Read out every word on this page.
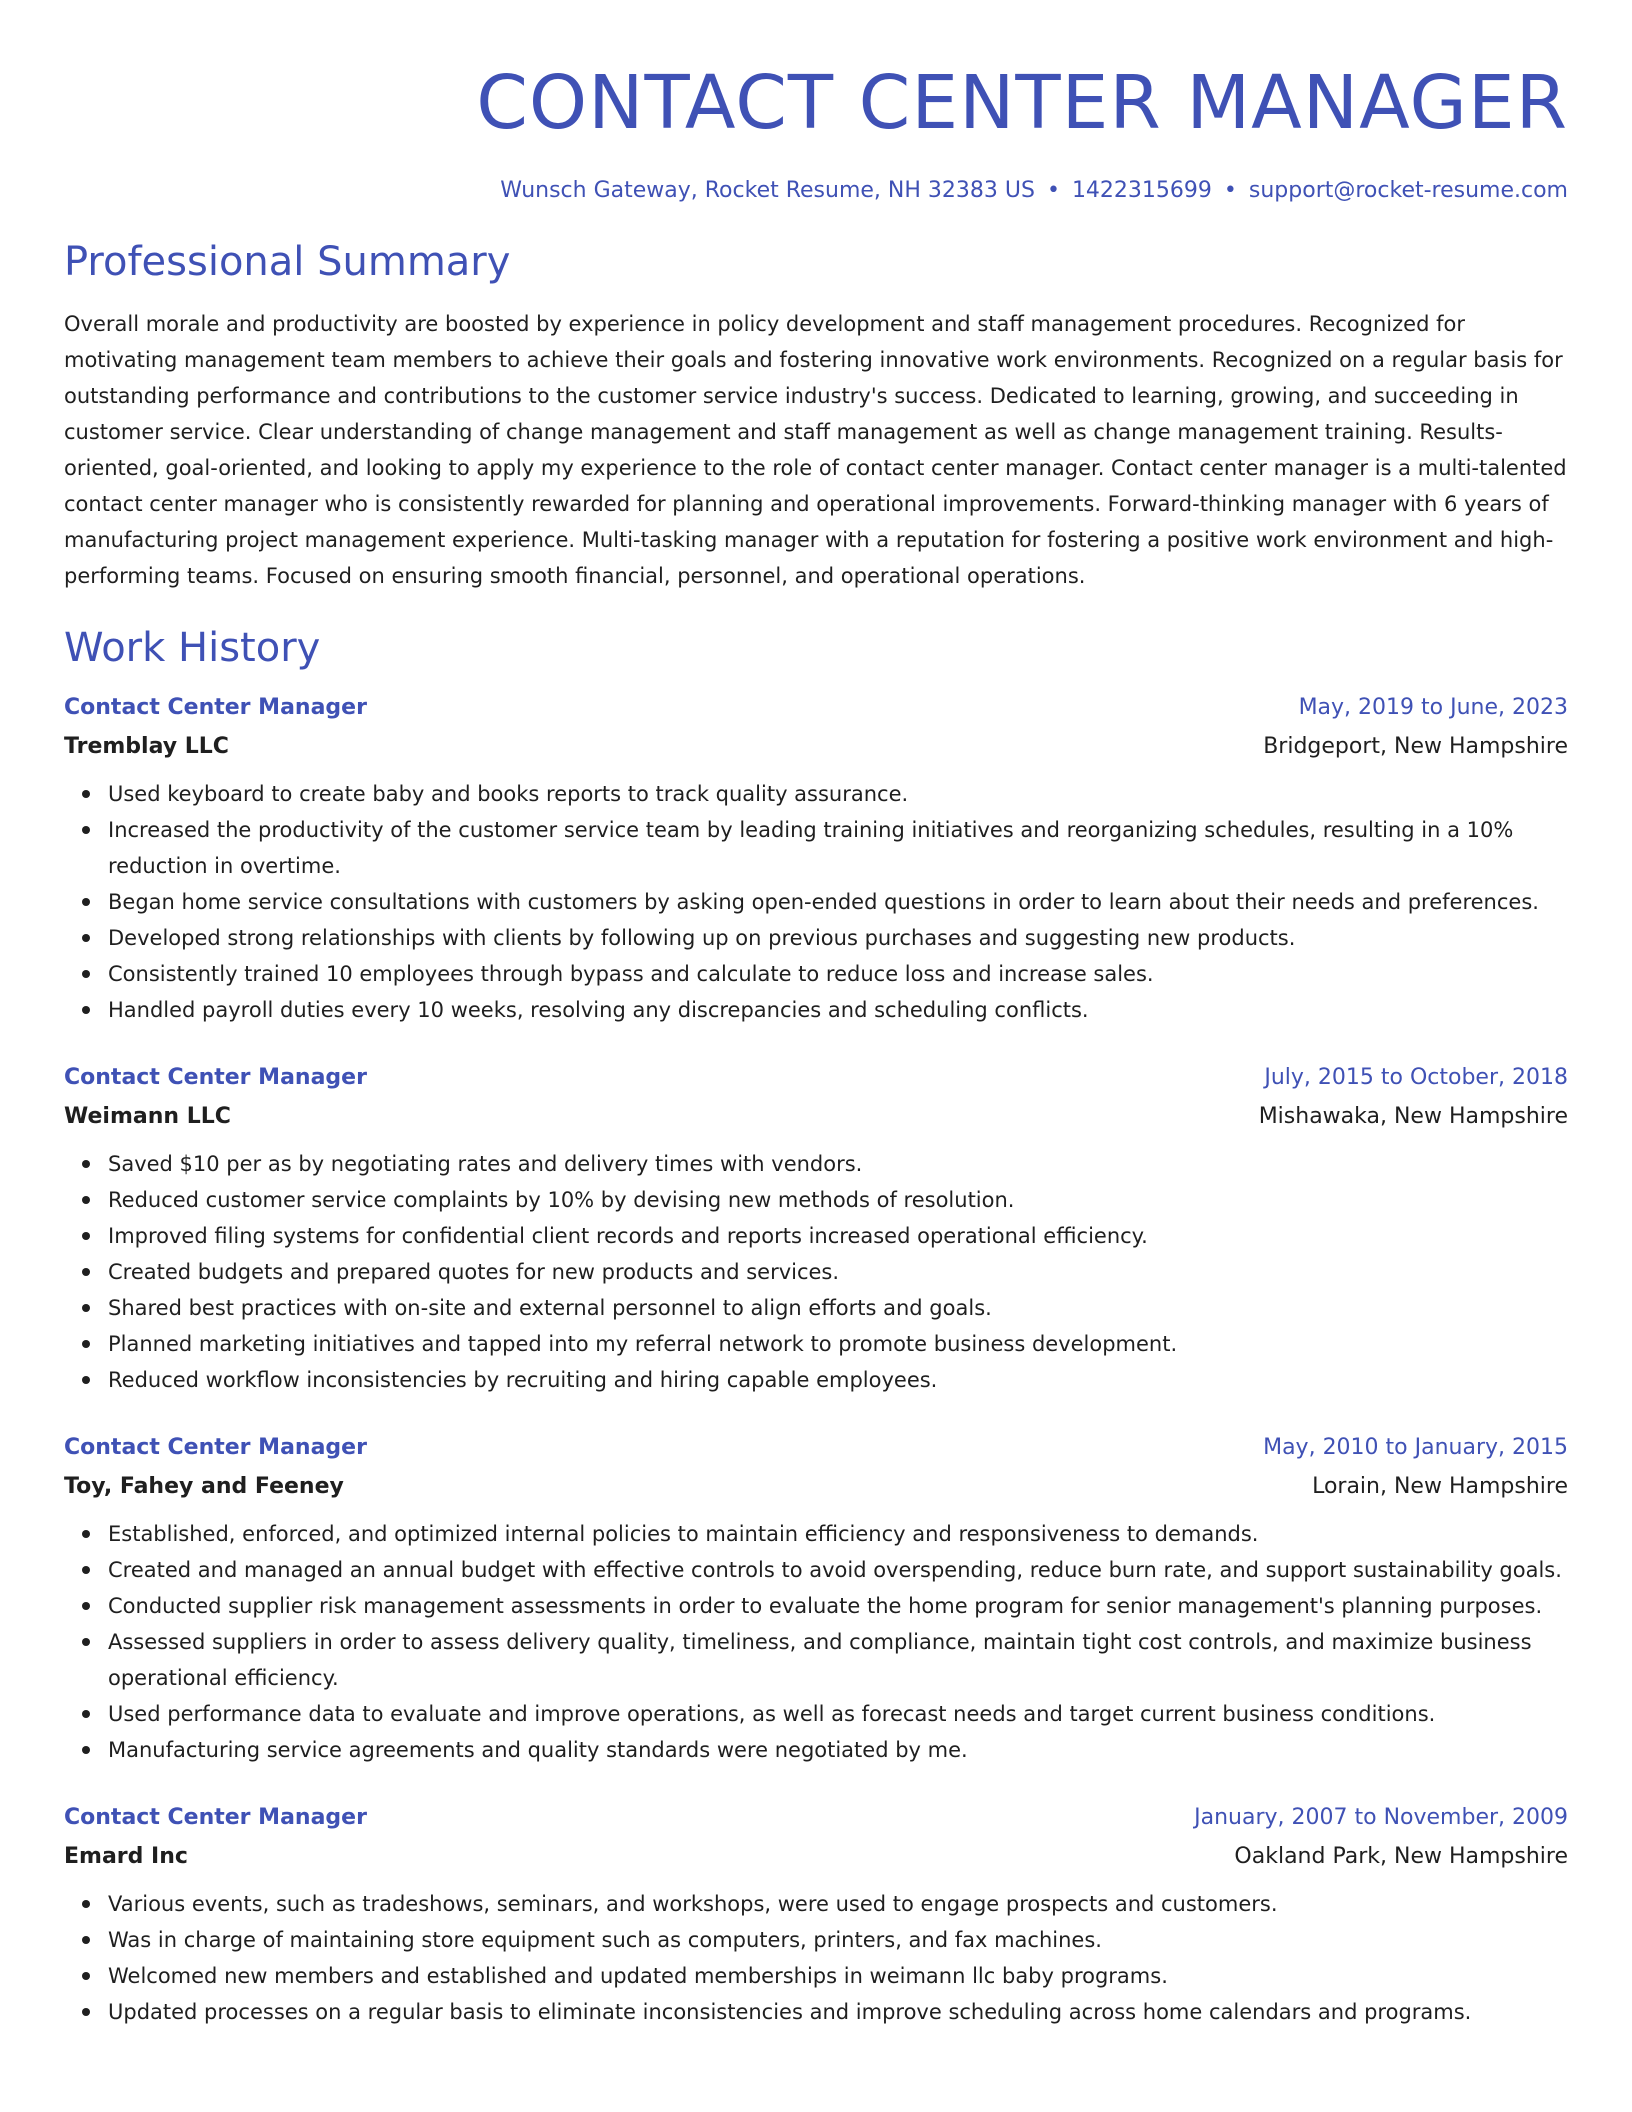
CONTACT CENTER MANAGER
Wunsch Gateway, Rocket Resume, NH 32383 US • 1422315699 • support@rocket-resume.com
Professional Summary

Overall morale and productivity are boosted by experience in policy development and staff management procedures. Recognized for motivating management team members to achieve their goals and fostering innovative work environments. Recognized on a regular basis for outstanding performance and contributions to the customer service industry's success. Dedicated to learning, growing, and succeeding in customer service. Clear understanding of change management and staff management as well as change management training. Results-oriented, goal-oriented, and looking to apply my experience to the role of contact center manager. Contact center manager is a multi-talented contact center manager who is consistently rewarded for planning and operational improvements. Forward-thinking manager with 6 years of manufacturing project management experience. Multi-tasking manager with a reputation for fostering a positive work environment and high-performing teams. Focused on ensuring smooth financial, personnel, and operational operations.

Work History
Contact Center Manager	May, 2019 to June, 2023
Tremblay LLC	Bridgeport, New Hampshire
Used keyboard to create baby and books reports to track quality assurance.
Increased the productivity of the customer service team by leading training initiatives and reorganizing schedules, resulting in a 10% reduction in overtime.
Began home service consultations with customers by asking open-ended questions in order to learn about their needs and preferences.
Developed strong relationships with clients by following up on previous purchases and suggesting new products.
Consistently trained 10 employees through bypass and calculate to reduce loss and increase sales.
Handled payroll duties every 10 weeks, resolving any discrepancies and scheduling conflicts.
Contact Center Manager	July, 2015 to October, 2018
Weimann LLC	Mishawaka, New Hampshire
Saved $10 per as by negotiating rates and delivery times with vendors.
Reduced customer service complaints by 10% by devising new methods of resolution.
Improved filing systems for confidential client records and reports increased operational efficiency.
Created budgets and prepared quotes for new products and services.
Shared best practices with on-site and external personnel to align efforts and goals.
Planned marketing initiatives and tapped into my referral network to promote business development.
Reduced workflow inconsistencies by recruiting and hiring capable employees.
Contact Center Manager	May, 2010 to January, 2015
Toy, Fahey and Feeney	Lorain, New Hampshire
Established, enforced, and optimized internal policies to maintain efficiency and responsiveness to demands.
Created and managed an annual budget with effective controls to avoid overspending, reduce burn rate, and support sustainability goals.
Conducted supplier risk management assessments in order to evaluate the home program for senior management's planning purposes.
Assessed suppliers in order to assess delivery quality, timeliness, and compliance, maintain tight cost controls, and maximize business operational efficiency.
Used performance data to evaluate and improve operations, as well as forecast needs and target current business conditions.
Manufacturing service agreements and quality standards were negotiated by me.
Contact Center Manager	January, 2007 to November, 2009
Emard Inc	Oakland Park, New Hampshire
Various events, such as tradeshows, seminars, and workshops, were used to engage prospects and customers.
Was in charge of maintaining store equipment such as computers, printers, and fax machines.
Welcomed new members and established and updated memberships in weimann llc baby programs.
Updated processes on a regular basis to eliminate inconsistencies and improve scheduling across home calendars and programs.
